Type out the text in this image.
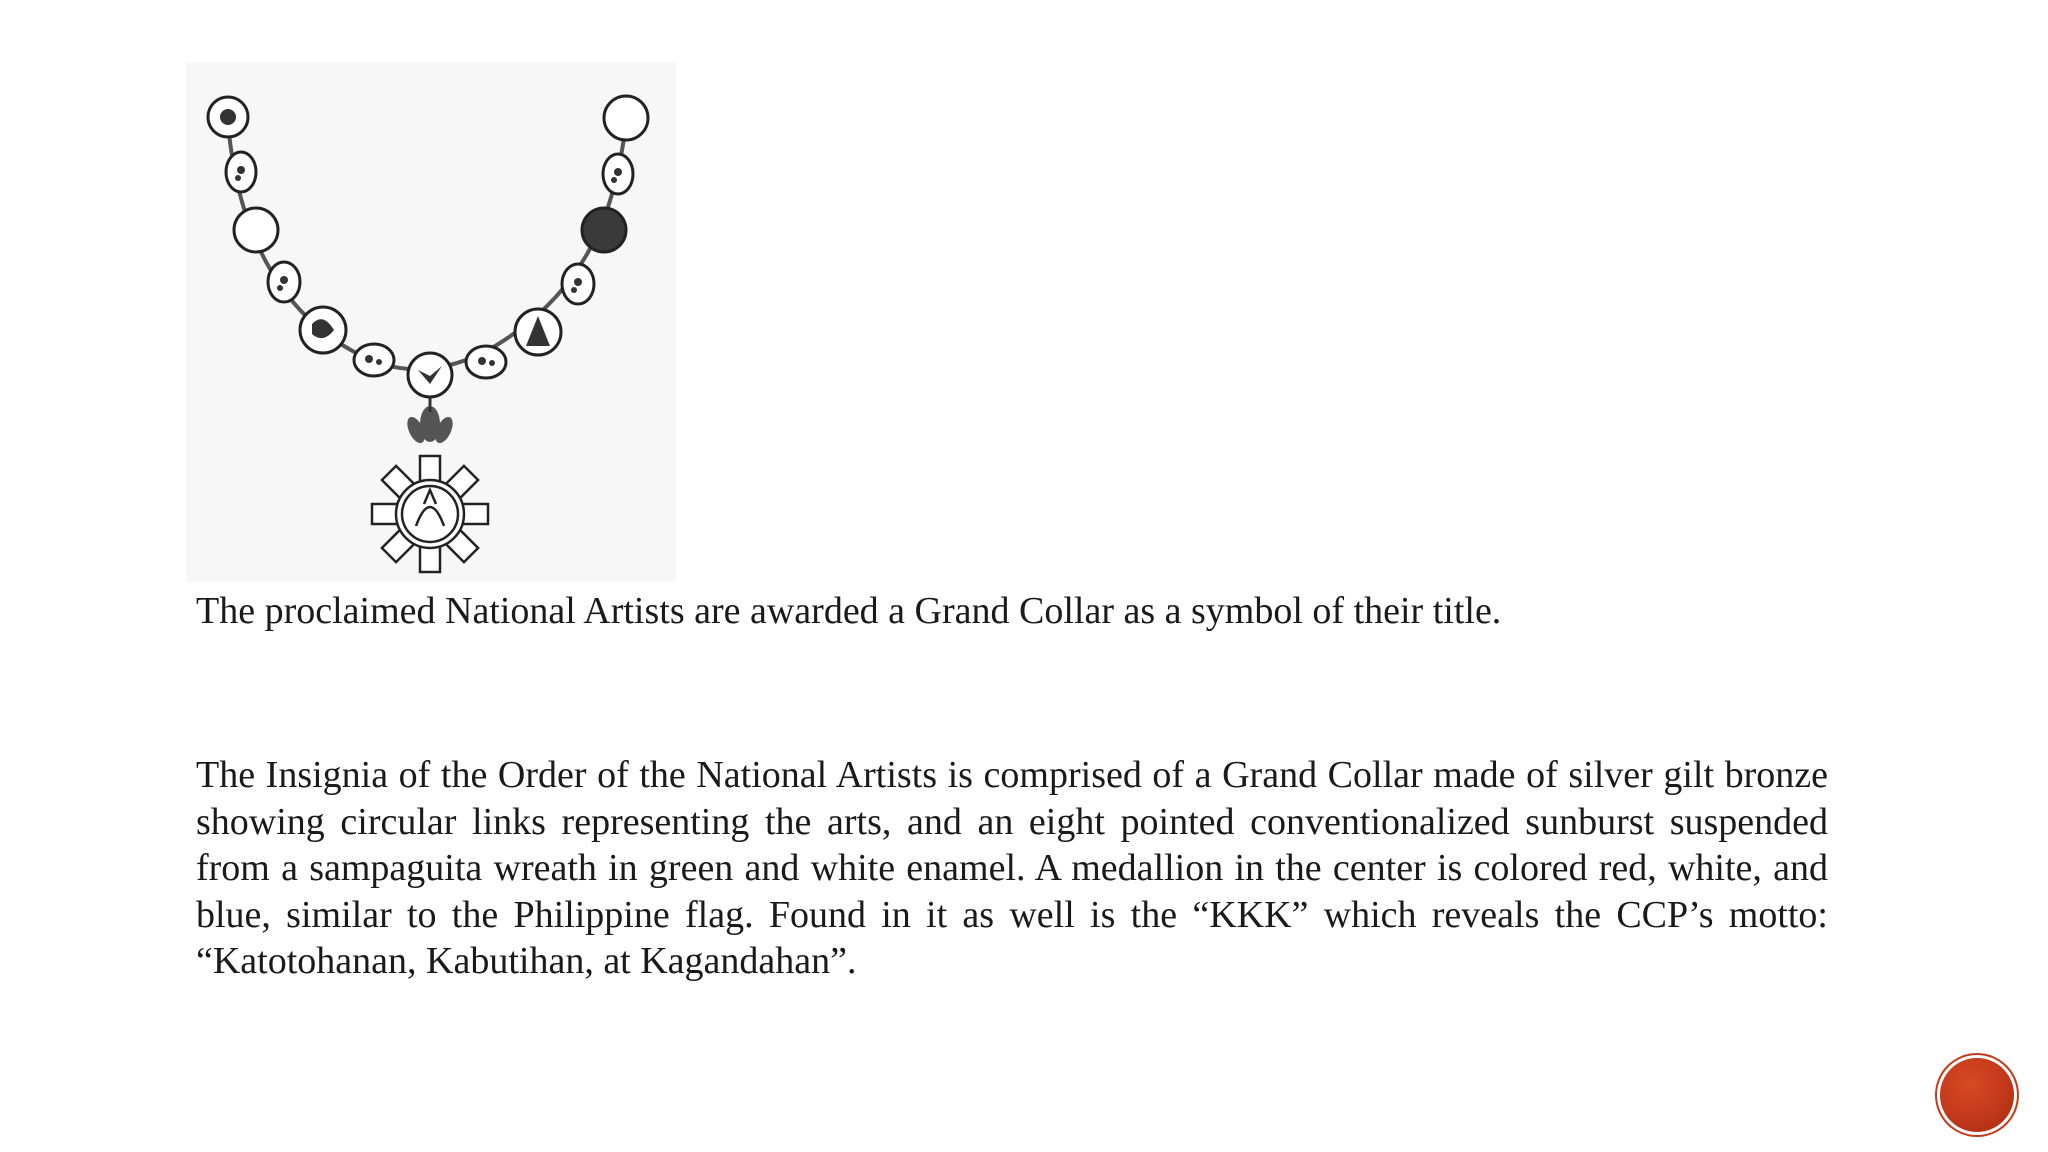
The proclaimed National Artists are awarded a Grand Collar as a symbol of their title.
The Insignia of the Order of the National Artists is comprised of a Grand Collar made of silver gilt bronze showing circular links representing the arts, and an eight pointed conventionalized sunburst suspended from a sampaguita wreath in green and white enamel. A medallion in the center is colored red, white, and blue, similar to the Philippine flag. Found in it as well is the “KKK” which reveals the CCP’s motto: “Katotohanan, Kabutihan, at Kagandahan”.
